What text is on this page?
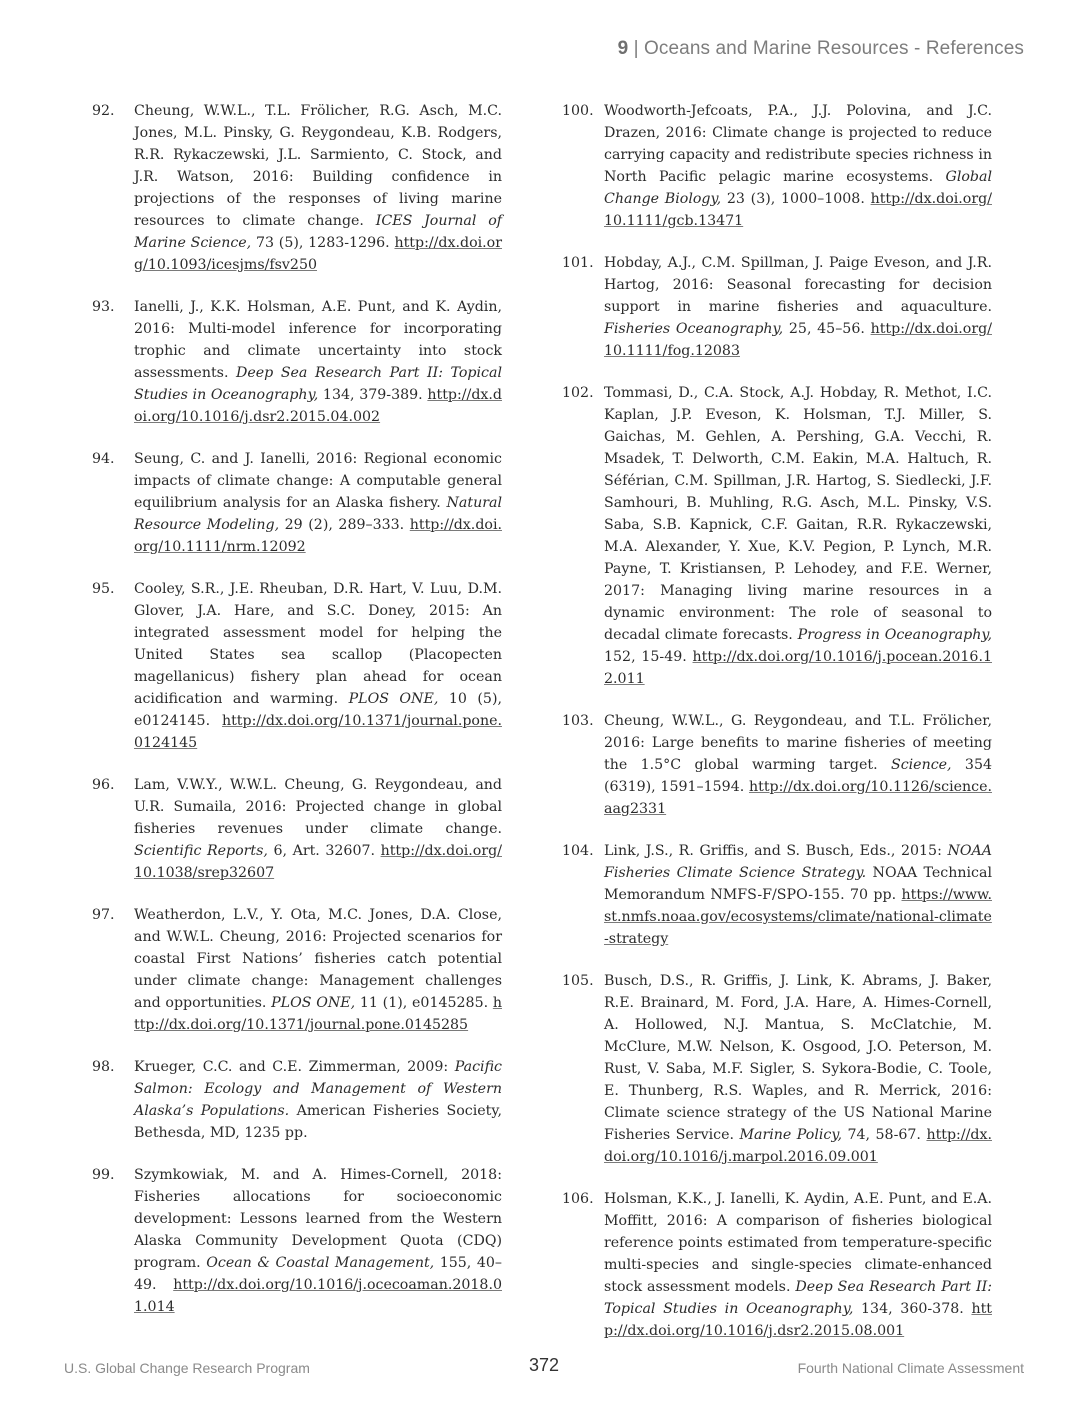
9 | Oceans and Marine Resources - References
92. Cheung, W.W.L., T.L. Frölicher, R.G. Asch, M.C. Jones, M.L. Pinsky, G. Reygondeau, K.B. Rodgers, R.R. Rykaczewski, J.L. Sarmiento, C. Stock, and J.R. Watson, 2016: Building confidence in projections of the responses of living marine resources to climate change. ICES Journal of Marine Science, 73 (5), 1283-1296. http://dx.doi.org/10.1093/icesjms/fsv250
93. Ianelli, J., K.K. Holsman, A.E. Punt, and K. Aydin, 2016: Multi-model inference for incorporating trophic and climate uncertainty into stock assessments. Deep Sea Research Part II: Topical Studies in Oceanography, 134, 379-389. http://dx.doi.org/10.1016/j.dsr2.2015.04.002
94. Seung, C. and J. Ianelli, 2016: Regional economic impacts of climate change: A computable general equilibrium analysis for an Alaska fishery. Natural Resource Modeling, 29 (2), 289–333. http://dx.doi.org/10.1111/nrm.12092
95. Cooley, S.R., J.E. Rheuban, D.R. Hart, V. Luu, D.M. Glover, J.A. Hare, and S.C. Doney, 2015: An integrated assessment model for helping the United States sea scallop (Placopecten magellanicus) fishery plan ahead for ocean acidification and warming. PLOS ONE, 10 (5), e0124145. http://dx.doi.org/10.1371/journal.pone.0124145
96. Lam, V.W.Y., W.W.L. Cheung, G. Reygondeau, and U.R. Sumaila, 2016: Projected change in global fisheries revenues under climate change. Scientific Reports, 6, Art. 32607. http://dx.doi.org/10.1038/srep32607
97. Weatherdon, L.V., Y. Ota, M.C. Jones, D.A. Close, and W.W.L. Cheung, 2016: Projected scenarios for coastal First Nations’ fisheries catch potential under climate change: Management challenges and opportunities. PLOS ONE, 11 (1), e0145285. http://dx.doi.org/10.1371/journal.pone.0145285
98. Krueger, C.C. and C.E. Zimmerman, 2009: Pacific Salmon: Ecology and Management of Western Alaska’s Populations. American Fisheries Society, Bethesda, MD, 1235 pp.
99. Szymkowiak, M. and A. Himes-Cornell, 2018: Fisheries allocations for socioeconomic development: Lessons learned from the Western Alaska Community Development Quota (CDQ) program. Ocean & Coastal Management, 155, 40–49. http://dx.doi.org/10.1016/j.ocecoaman.2018.01.014
100. Woodworth-Jefcoats, P.A., J.J. Polovina, and J.C. Drazen, 2016: Climate change is projected to reduce carrying capacity and redistribute species richness in North Pacific pelagic marine ecosystems. Global Change Biology, 23 (3), 1000–1008. http://dx.doi.org/10.1111/gcb.13471
101. Hobday, A.J., C.M. Spillman, J. Paige Eveson, and J.R. Hartog, 2016: Seasonal forecasting for decision support in marine fisheries and aquaculture. Fisheries Oceanography, 25, 45–56. http://dx.doi.org/10.1111/fog.12083
102. Tommasi, D., C.A. Stock, A.J. Hobday, R. Methot, I.C. Kaplan, J.P. Eveson, K. Holsman, T.J. Miller, S. Gaichas, M. Gehlen, A. Pershing, G.A. Vecchi, R. Msadek, T. Delworth, C.M. Eakin, M.A. Haltuch, R. Séférian, C.M. Spillman, J.R. Hartog, S. Siedlecki, J.F. Samhouri, B. Muhling, R.G. Asch, M.L. Pinsky, V.S. Saba, S.B. Kapnick, C.F. Gaitan, R.R. Rykaczewski, M.A. Alexander, Y. Xue, K.V. Pegion, P. Lynch, M.R. Payne, T. Kristiansen, P. Lehodey, and F.E. Werner, 2017: Managing living marine resources in a dynamic environment: The role of seasonal to decadal climate forecasts. Progress in Oceanography, 152, 15-49. http://dx.doi.org/10.1016/j.pocean.2016.12.011
103. Cheung, W.W.L., G. Reygondeau, and T.L. Frölicher, 2016: Large benefits to marine fisheries of meeting the 1.5°C global warming target. Science, 354 (6319), 1591–1594. http://dx.doi.org/10.1126/science.aag2331
104. Link, J.S., R. Griffis, and S. Busch, Eds., 2015: NOAA Fisheries Climate Science Strategy. NOAA Technical Memorandum NMFS-F/SPO-155. 70 pp. https://www.st.nmfs.noaa.gov/ecosystems/climate/national-climate-strategy
105. Busch, D.S., R. Griffis, J. Link, K. Abrams, J. Baker, R.E. Brainard, M. Ford, J.A. Hare, A. Himes-Cornell, A. Hollowed, N.J. Mantua, S. McClatchie, M. McClure, M.W. Nelson, K. Osgood, J.O. Peterson, M. Rust, V. Saba, M.F. Sigler, S. Sykora-Bodie, C. Toole, E. Thunberg, R.S. Waples, and R. Merrick, 2016: Climate science strategy of the US National Marine Fisheries Service. Marine Policy, 74, 58-67. http://dx.doi.org/10.1016/j.marpol.2016.09.001
106. Holsman, K.K., J. Ianelli, K. Aydin, A.E. Punt, and E.A. Moffitt, 2016: A comparison of fisheries biological reference points estimated from temperature-specific multi-species and single-species climate-enhanced stock assessment models. Deep Sea Research Part II: Topical Studies in Oceanography, 134, 360-378. http://dx.doi.org/10.1016/j.dsr2.2015.08.001
U.S. Global Change Research Program	372	Fourth National Climate Assessment
